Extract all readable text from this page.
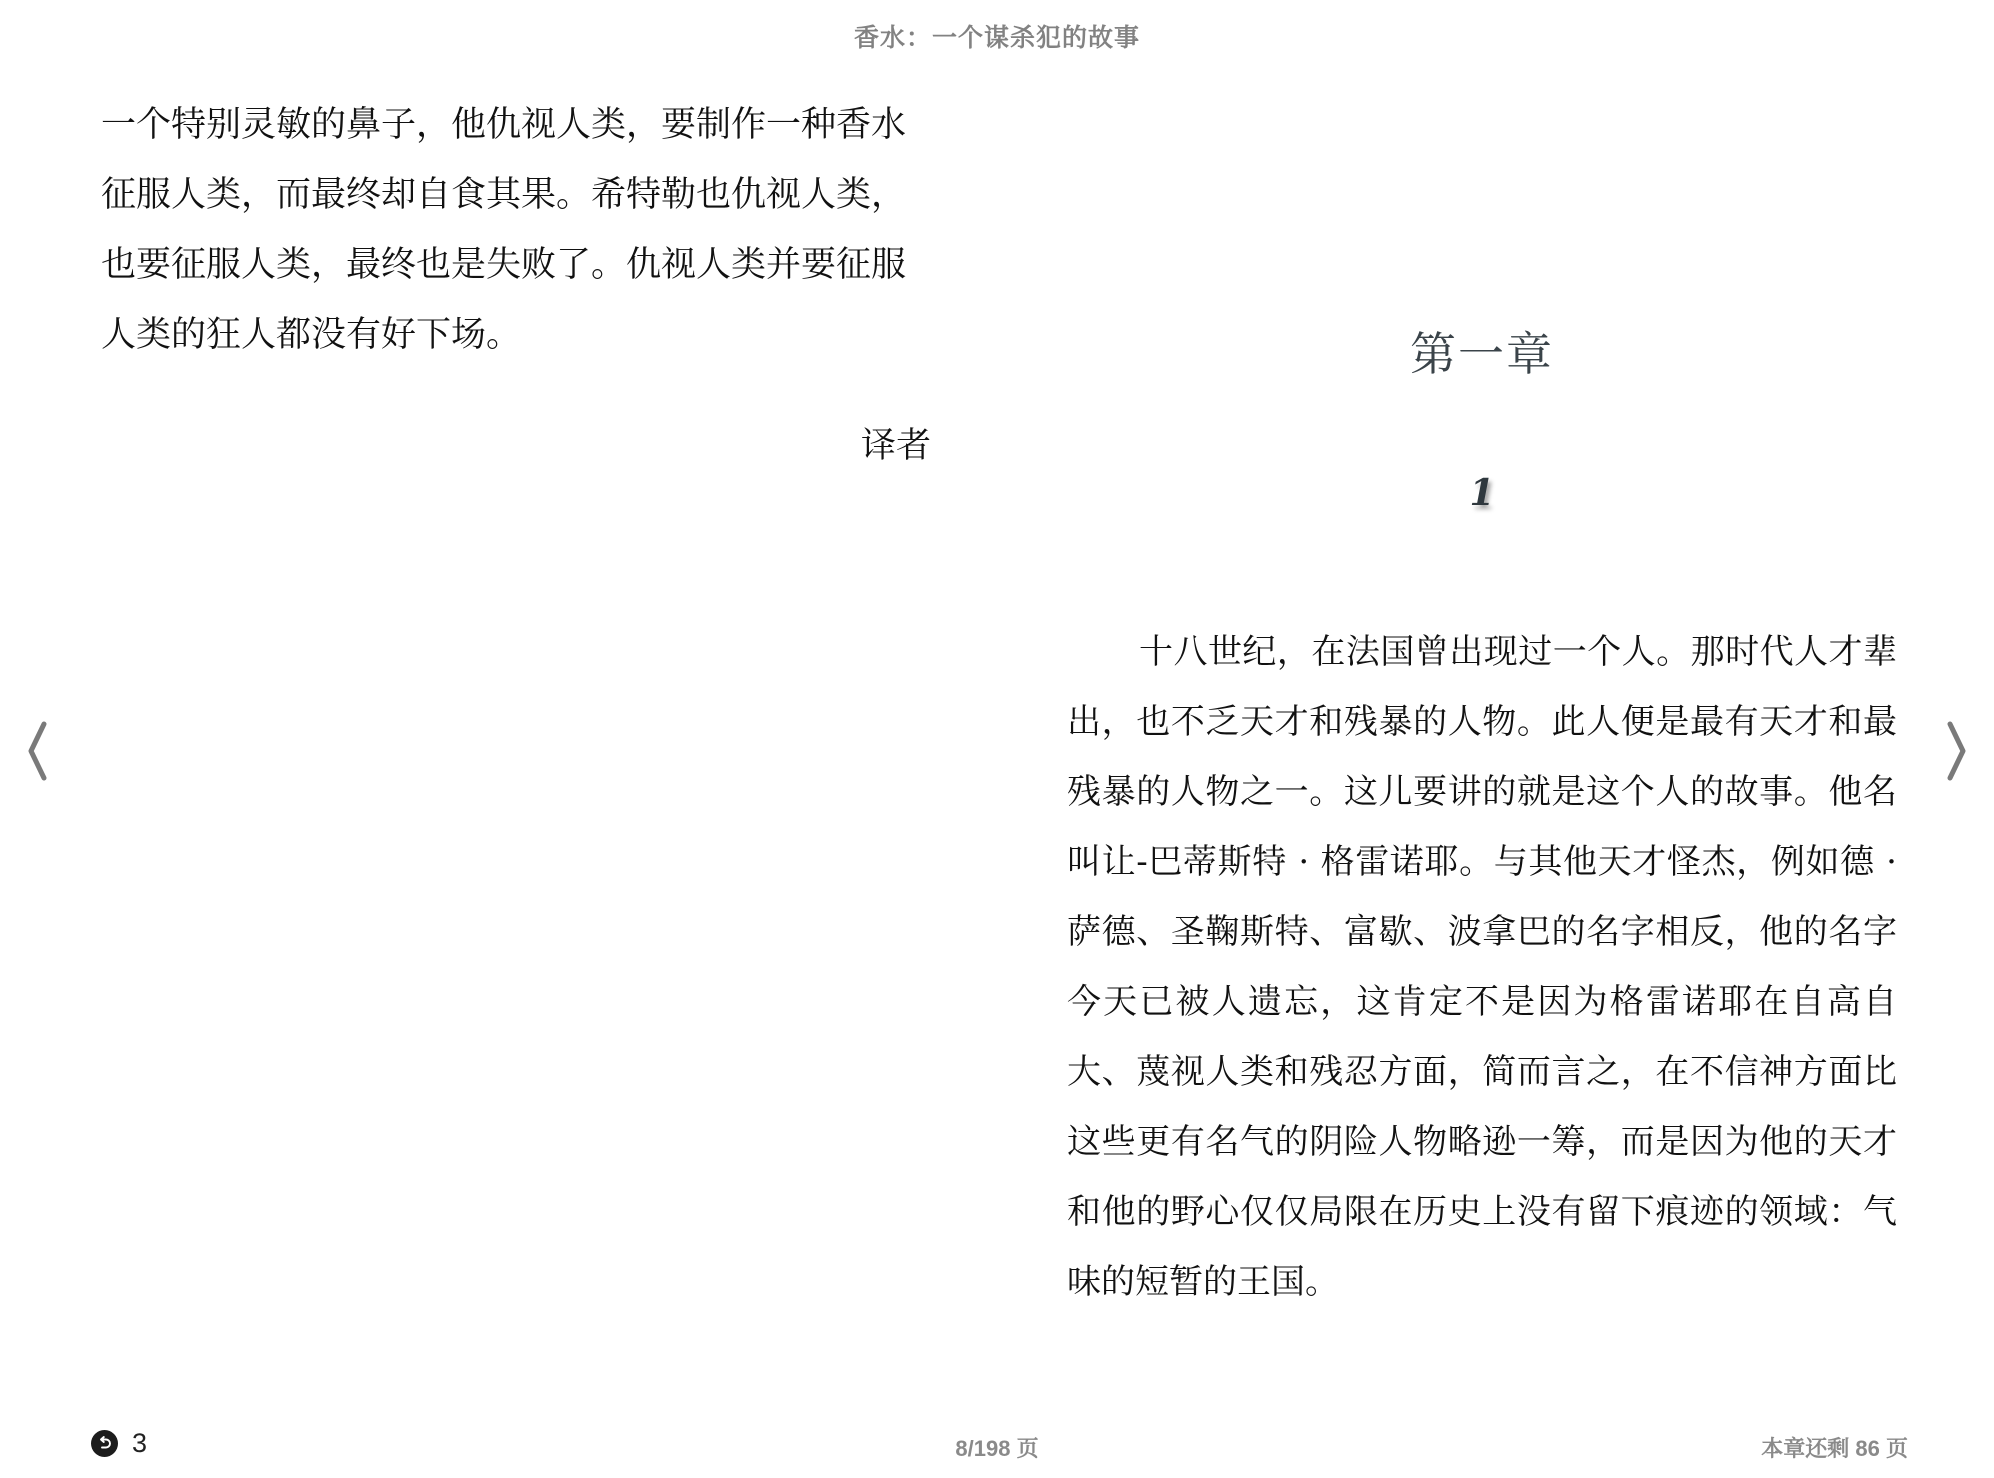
香水：一个谋杀犯的故事

一个特别灵敏的鼻子，他仇视人类，要制作一种香水征服人类，而最终却自食其果。希特勒也仇视人类，也要征服人类，最终也是失败了。仇视人类并要征服人类的狂人都没有好下场。

译者
第一章
1

十八世纪，在法国曾出现过一个人。那时代人才辈出，也不乏天才和残暴的人物。此人便是最有天才和最残暴的人物之一。这儿要讲的就是这个人的故事。他名叫让-巴蒂斯特 · 格雷诺耶。与其他天才怪杰，例如德 · 萨德、圣鞠斯特、富歇、波拿巴的名字相反，他的名字今天已被人遗忘，这肯定不是因为格雷诺耶在自高自大、蔑视人类和残忍方面，简而言之，在不信神方面比这些更有名气的阴险人物略逊一筹，而是因为他的天才和他的野心仅仅局限在历史上没有留下痕迹的领域：气味的短暂的王国。

3	8/198 页	本章还剩 86 页
